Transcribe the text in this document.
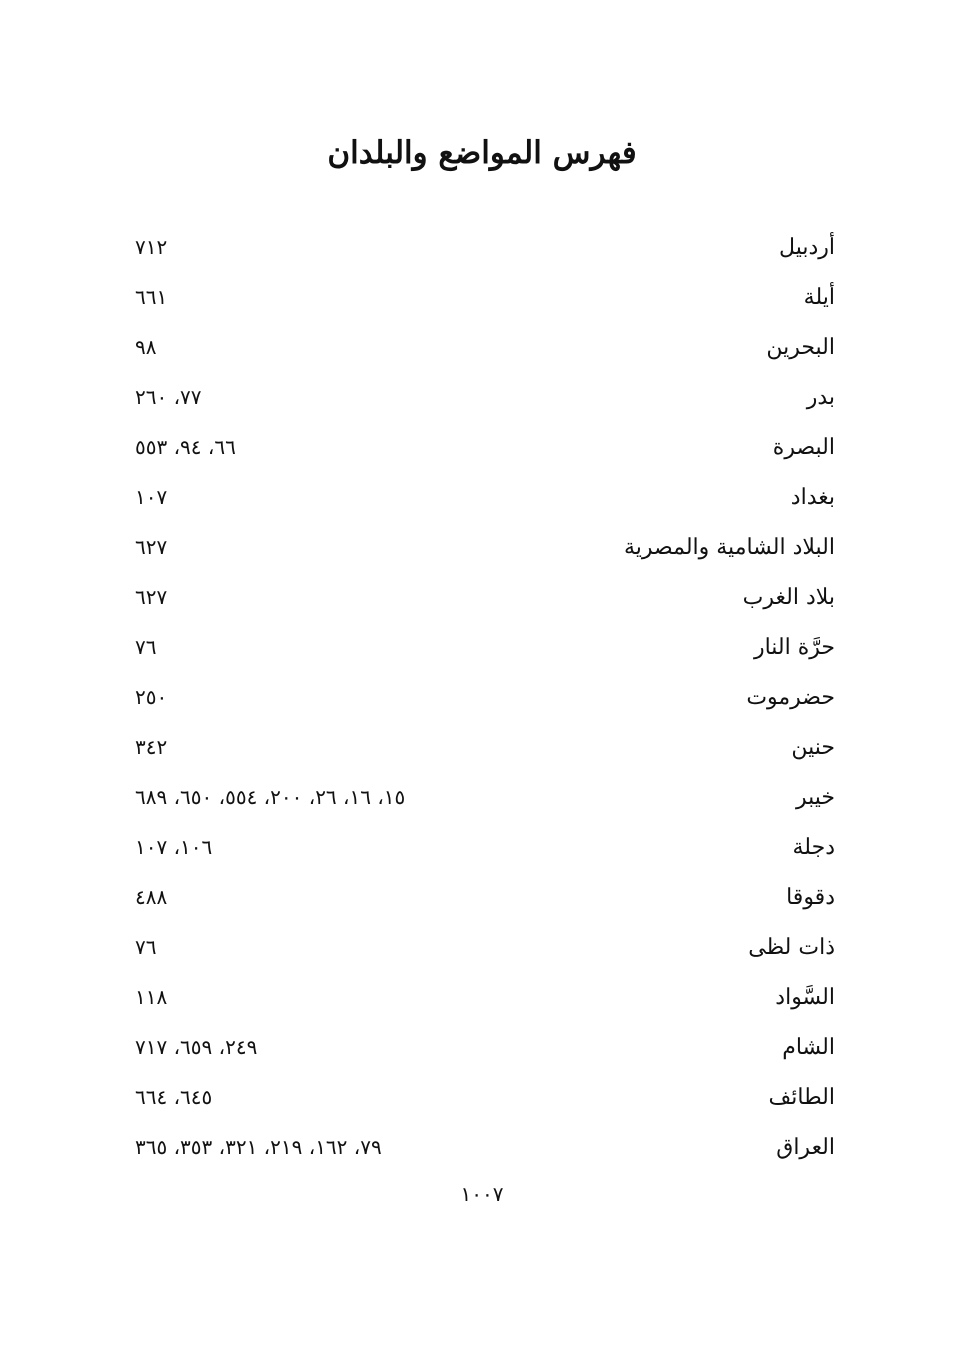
فهرس المواضع والبلدان
أردبيل
٧١٢
أيلة
٦٦١
البحرين
٩٨
بدر
٧٧، ٢٦٠
البصرة
٦٦، ٩٤، ٥٥٣
بغداد
١٠٧
البلاد الشامية والمصرية
٦٢٧
بلاد الغرب
٦٢٧
حرَّة النار
٧٦
حضرموت
٢٥٠
حنين
٣٤٢
خيبر
١٥، ١٦، ٢٦، ٢٠٠، ٥٥٤، ٦٥٠، ٦٨٩
دجلة
١٠٦، ١٠٧
دقوقا
٤٨٨
ذات لظى
٧٦
السَّواد
١١٨
الشام
٢٤٩، ٦٥٩، ٧١٧
الطائف
٦٤٥، ٦٦٤
العراق
٧٩، ١٦٢، ٢١٩، ٣٢١، ٣٥٣، ٣٦٥
١٠٠٧
